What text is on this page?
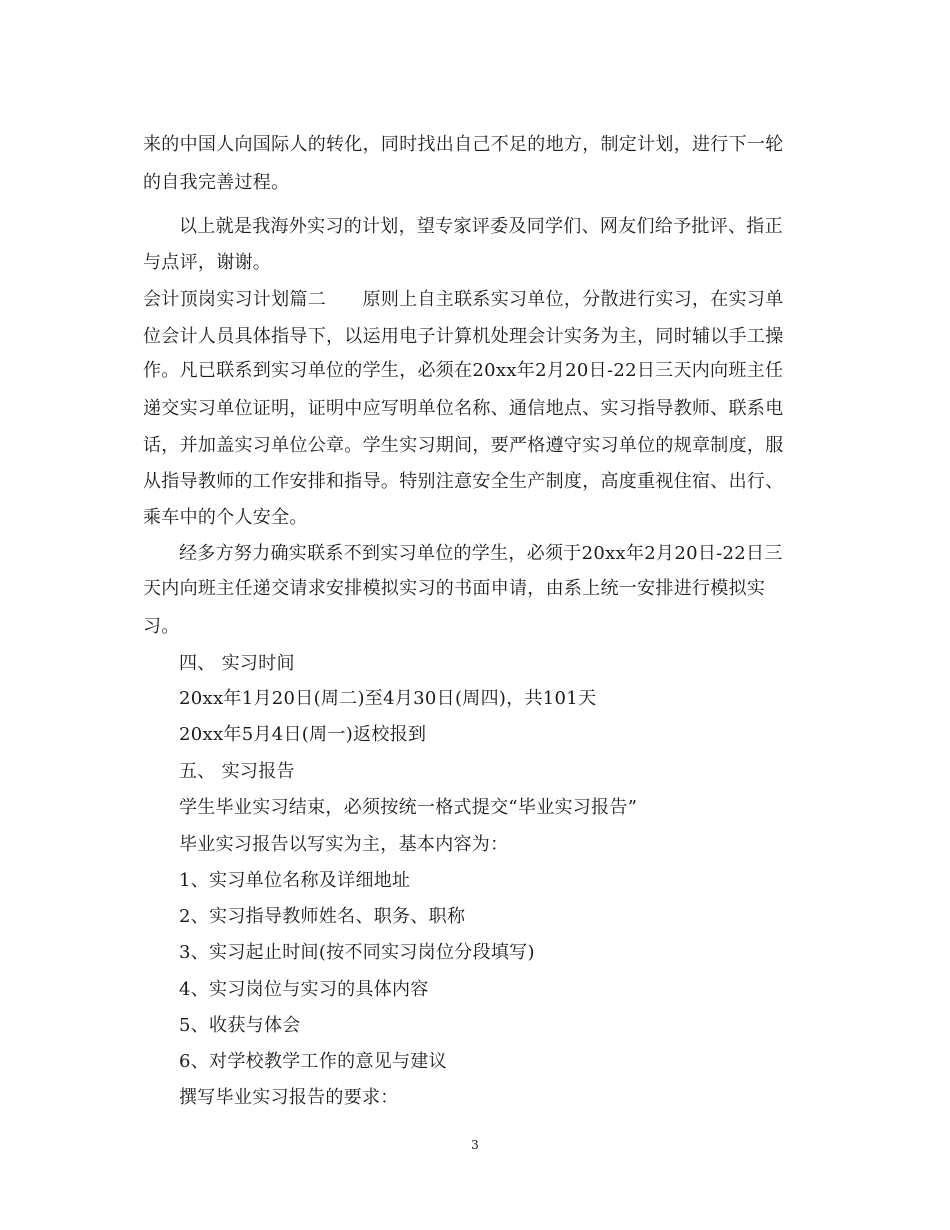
来的中国人向国际人的转化，同时找出自己不足的地方，制定计划，进行下一轮
的自我完善过程。
以上就是我海外实习的计划，望专家评委及同学们、网友们给予批评、指正
与点评，谢谢。
会计顶岗实习计划篇二　　原则上自主联系实习单位，分散进行实习，在实习单
位会计人员具体指导下，以运用电子计算机处理会计实务为主，同时辅以手工操
作。凡已联系到实习单位的学生，必须在20xx年2月20日-22日三天内向班主任
递交实习单位证明，证明中应写明单位名称、通信地点、实习指导教师、联系电
话，并加盖实习单位公章。学生实习期间，要严格遵守实习单位的规章制度，服
从指导教师的工作安排和指导。特别注意安全生产制度，高度重视住宿、出行、
乘车中的个人安全。
经多方努力确实联系不到实习单位的学生，必须于20xx年2月20日-22日三
天内向班主任递交请求安排模拟实习的书面申请，由系上统一安排进行模拟实
习。
四、 实习时间
20xx年1月20日(周二)至4月30日(周四)，共101天
20xx年5月4日(周一)返校报到
五、 实习报告
学生毕业实习结束，必须按统一格式提交“毕业实习报告”
毕业实习报告以写实为主，基本内容为：
1、实习单位名称及详细地址
2、实习指导教师姓名、职务、职称
3、实习起止时间(按不同实习岗位分段填写)
4、实习岗位与实习的具体内容
5、收获与体会
6、对学校教学工作的意见与建议
撰写毕业实习报告的要求：
3
